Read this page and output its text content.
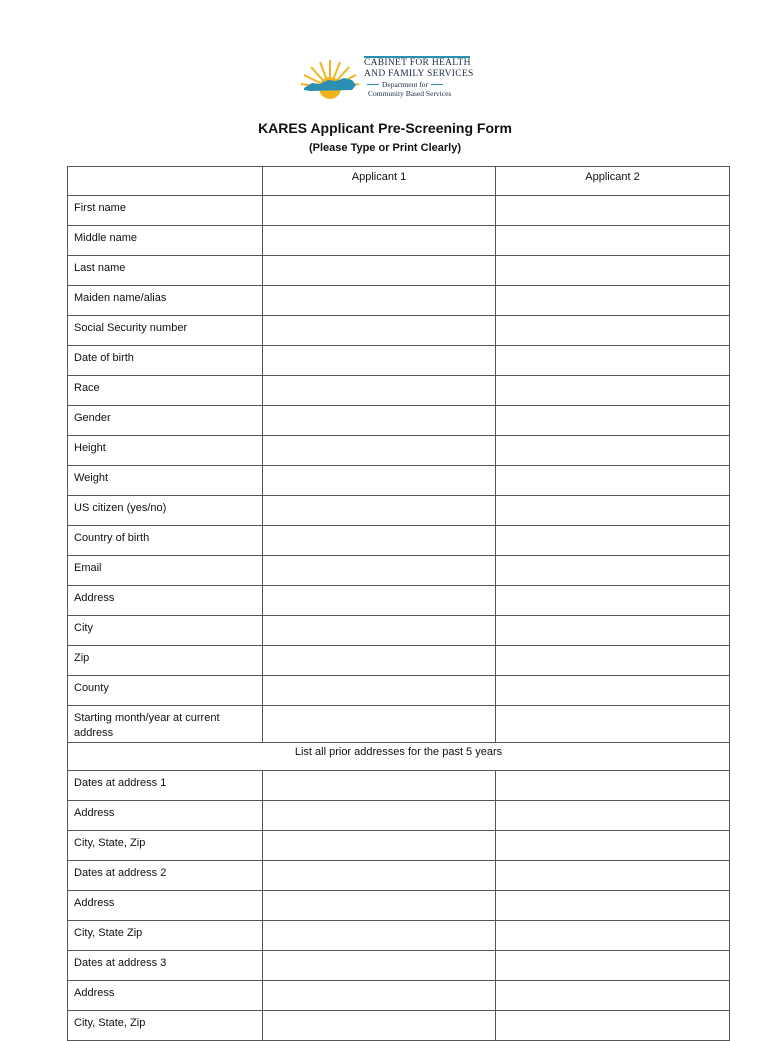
CABINET FOR HEALTH
AND FAMILY SERVICES
Department for
Community Based Services
KARES Applicant Pre-Screening Form
(Please Type or Print Clearly)
	Applicant 1	Applicant 2
First name		
Middle name		
Last name		
Maiden name/alias		
Social Security number		
Date of birth		
Race		
Gender		
Height		
Weight		
US citizen (yes/no)		
Country of birth		
Email		
Address		
City		
Zip		
County		
Starting month/year at current address		
List all prior addresses for the past 5 years		
Dates at address 1		
Address		
City, State, Zip		
Dates at address 2		
Address		
City, State Zip		
Dates at address 3		
Address		
City, State, Zip		
